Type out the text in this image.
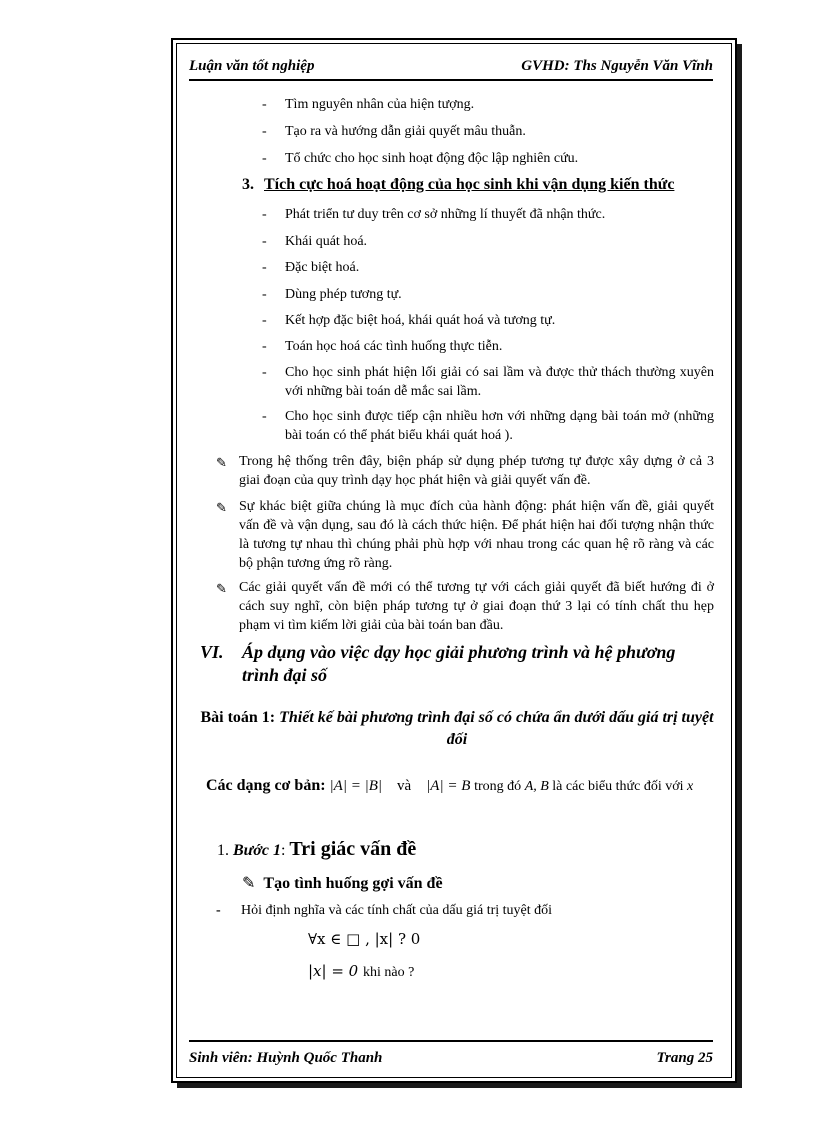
Luận văn tốt nghiệp	GVHD: Ths Nguyễn Văn Vĩnh
- Tìm nguyên nhân của hiện tượng.
- Tạo ra và hướng dẫn giải quyết mâu thuẫn.
- Tổ chức cho học sinh hoạt động độc lập nghiên cứu.
3. Tích cực hoá hoạt động của học sinh khi vận dụng kiến thức
- Phát triển tư duy trên cơ sở những lí thuyết đã nhận thức.
- Khái quát hoá.
- Đặc biệt hoá.
- Dùng phép tương tự.
- Kết hợp đặc biệt hoá, khái quát hoá và tương tự.
- Toán học hoá các tình huống thực tiễn.
- Cho học sinh phát hiện lối giải có sai lầm và được thử thách thường xuyên với những bài toán dễ mắc sai lầm.
- Cho học sinh được tiếp cận nhiều hơn với những dạng bài toán mở (những bài toán có thể phát biểu khái quát hoá ).
✎ Trong hệ thống trên đây, biện pháp sử dụng phép tương tự được xây dựng ở cả 3 giai đoạn của quy trình dạy học phát hiện và giải quyết vấn đề.
✎ Sự khác biệt giữa chúng là mục đích của hành động: phát hiện vấn đề, giải quyết vấn đề và vận dụng, sau đó là cách thức hiện. Để phát hiện hai đối tượng nhận thức là tương tự nhau thì chúng phải phù hợp với nhau trong các quan hệ rõ ràng và các bộ phận tương ứng rõ ràng.
✎ Các giải quyết vấn đề mới có thể tương tự với cách giải quyết đã biết hướng đi ở cách suy nghĩ, còn biện pháp tương tự ở giai đoạn thứ 3 lại có tính chất thu hẹp phạm vi tìm kiếm lời giải của bài toán ban đầu.
VI. Áp dụng vào việc dạy học giải phương trình và hệ phương trình đại số
Bài toán 1: Thiết kế bài phương trình đại số có chứa ẩn dưới dấu giá trị tuyệt đối
Các dạng cơ bản: |A| = |B| và |A| = B trong đó A, B là các biểu thức đối với x
1. Bước 1: Tri giác vấn đề
✎ Tạo tình huống gợi vấn đề
- Hỏi định nghĩa và các tính chất của dấu giá trị tuyệt đối
∀x ∈ □ , |x| ? 0
|x| = 0 khi nào ?
Sinh viên: Huỳnh Quốc Thanh	Trang 25
